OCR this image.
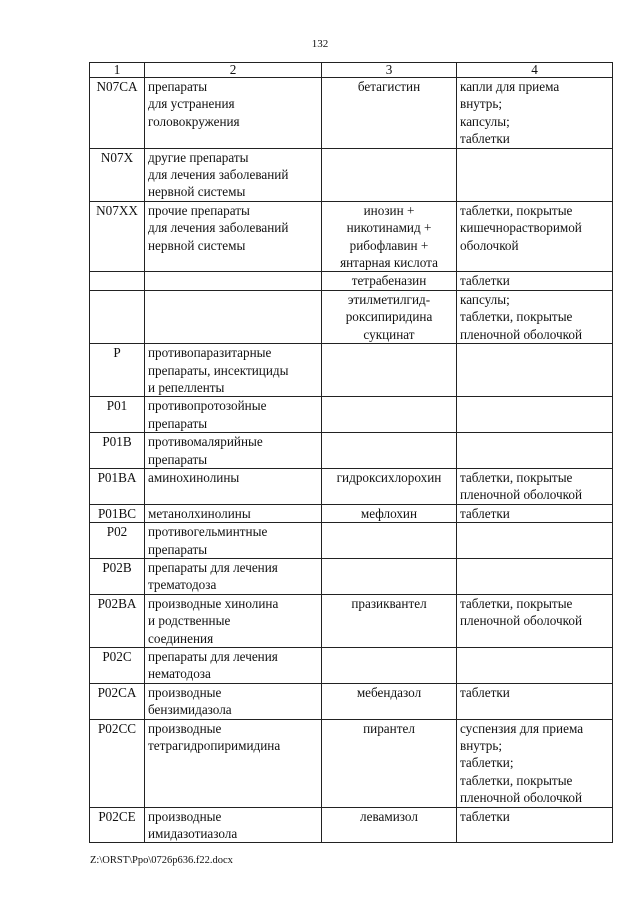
132
1	2	3	4
N07CA	препараты
для устранения
головокружения	бетагистин	капли для приема
внутрь;
капсулы;
таблетки

N07X	другие препараты
для лечения заболеваний
нервной системы		

N07XX	прочие препараты
для лечения заболеваний
нервной системы	инозин +
никотинамид +
рибофлавин +
янтарная кислота	таблетки, покрытые
кишечнорастворимой
оболочкой

		тетрабеназин	таблетки

		этилметилгид-
роксипиридина
сукцинат	капсулы;
таблетки, покрытые
пленочной оболочкой

P	противопаразитарные
препараты, инсектициды
и репелленты		

P01	противопротозойные
препараты		

P01B	противомалярийные
препараты		

P01BA	аминохинолины	гидроксихлорохин	таблетки, покрытые
пленочной оболочкой

P01BC	метанолхинолины	мефлохин	таблетки

P02	противогельминтные
препараты		

P02B	препараты для лечения
трематодоза		

P02BA	производные хинолина
и родственные
соединения	празиквантел	таблетки, покрытые
пленочной оболочкой

P02C	препараты для лечения
нематодоза		

P02CA	производные
бензимидазола	мебендазол	таблетки

P02CC	производные
тетрагидропиримидина	пирантел	суспензия для приема
внутрь;
таблетки;
таблетки, покрытые
пленочной оболочкой

P02CE	производные
имидазотиазола	левамизол	таблетки
Z:\ORST\Ppo\0726p636.f22.docx
